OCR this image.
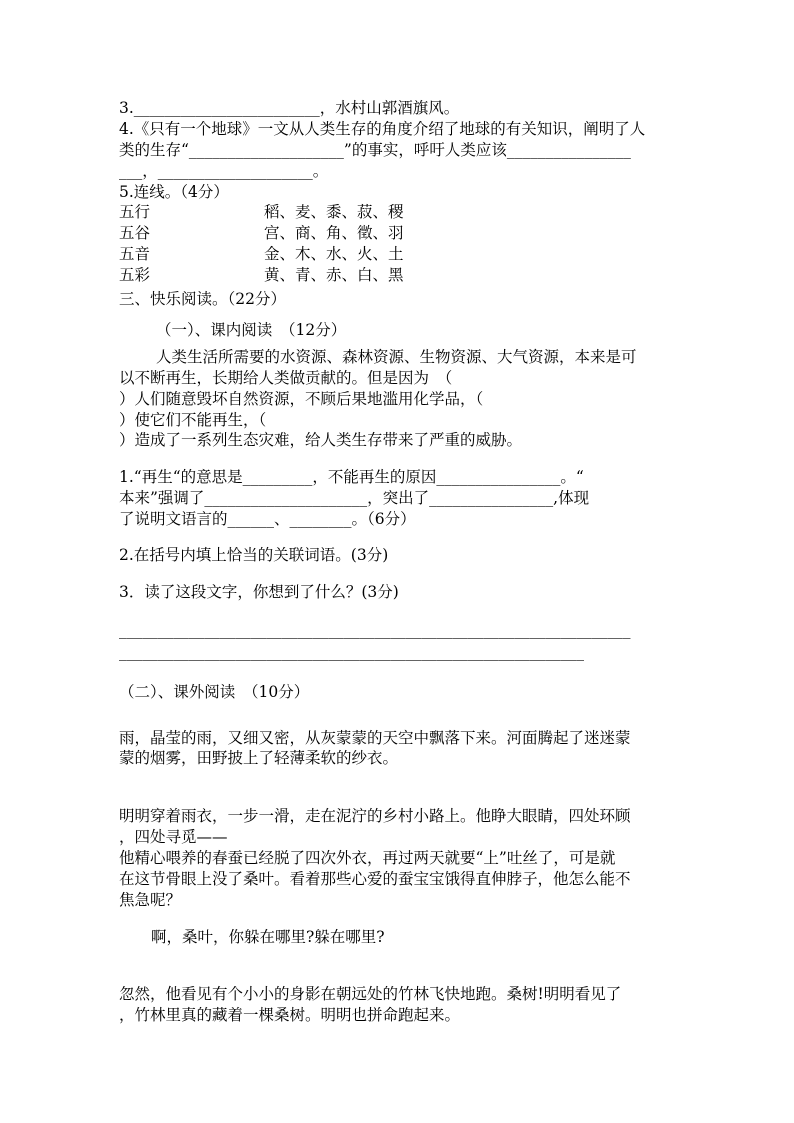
3.________________________，水村山郭酒旗风。
4.《只有一个地球》一文从人类生存的角度介绍了地球的有关知识，阐明了人
类的生存“____________________”的事实，呼吁人类应该________________
___，____________________。
5.连线。（4分）
五行	稻、麦、黍、菽、稷
五谷	宫、商、角、徵、羽
五音	金、木、水、火、土
五彩	黄、青、赤、白、黑
三、快乐阅读。（22分）
（一）、课内阅读　（12分）
人类生活所需要的水资源、森林资源、生物资源、大气资源，本来是可
以不断再生，长期给人类做贡献的。但是因为　（
）人们随意毁坏自然资源，不顾后果地滥用化学品，（
）使它们不能再生，（
）造成了一系列生态灾难，给人类生存带来了严重的威胁。
1.“再生“的意思是_________，不能再生的原因________________。“
本来”强调了_____________________，突出了________________,体现
了说明文语言的______、________。（6分）
2.在括号内填上恰当的关联词语。(3分)
3．读了这段文字，你想到了什么？(3分)
__________________________________________________________________
____________________________________________________________
（二）、课外阅读　（10分）
雨，晶莹的雨，又细又密，从灰蒙蒙的天空中飘落下来。河面腾起了迷迷蒙
蒙的烟雾，田野披上了轻薄柔软的纱衣。
明明穿着雨衣，一步一滑，走在泥泞的乡村小路上。他睁大眼睛，四处环顾
，四处寻觅——
他精心喂养的春蚕已经脱了四次外衣，再过两天就要“上”吐丝了，可是就
在这节骨眼上没了桑叶。看着那些心爱的蚕宝宝饿得直伸脖子，他怎么能不
焦急呢？
啊，桑叶，你躲在哪里?躲在哪里?
忽然，他看见有个小小的身影在朝远处的竹林飞快地跑。桑树!明明看见了
，竹林里真的藏着一棵桑树。明明也拼命跑起来。
